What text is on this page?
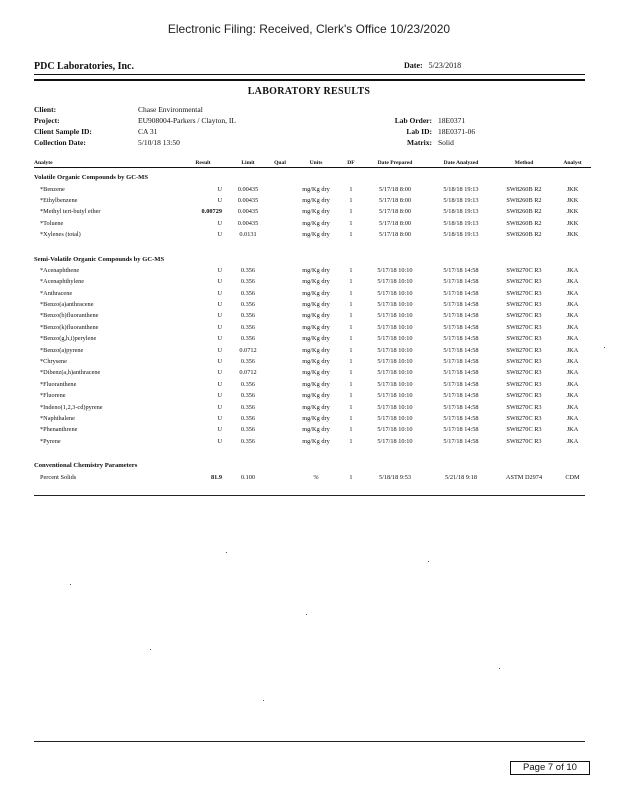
Electronic Filing: Received, Clerk's Office 10/23/2020
PDC Laboratories, Inc.	Date: 5/23/2018
LABORATORY RESULTS
Client:	Chase Environmental
Project:	EU908004-Parkers / Clayton, IL
Client Sample ID:	CA 31
Collection Date:	5/10/18 13:50
Lab Order: 18E0371
Lab ID: 18E0371-06
Matrix: Solid
Analyte	Result	Limit	Qual	Units	DF	Date Prepared	Date Analyzed	Method	Analyst
Volatile Organic Compounds by GC-MS									
*Benzene	U	0.00435		mg/Kg dry	1	5/17/18 8:00	5/18/18 19:13	SW8260B R2	JKK
*Ethylbenzene	U	0.00435		mg/Kg dry	1	5/17/18 8:00	5/18/18 19:13	SW8260B R2	JKK
*Methyl tert-butyl ether	0.00729	0.00435		mg/Kg dry	1	5/17/18 8:00	5/18/18 19:13	SW8260B R2	JKK
*Toluene	U	0.00435		mg/Kg dry	1	5/17/18 8:00	5/18/18 19:13	SW8260B R2	JKK
*Xylenes (total)	U	0.0131		mg/Kg dry	1	5/17/18 8:00	5/18/18 19:13	SW8260B R2	JKK

Semi-Volatile Organic Compounds by GC-MS									
*Acenaphthene	U	0.356		mg/Kg dry	1	5/17/18 10:10	5/17/18 14:58	SW8270C R3	JKA
*Acenaphthylene	U	0.356		mg/Kg dry	1	5/17/18 10:10	5/17/18 14:58	SW8270C R3	JKA
*Anthracene	U	0.356		mg/Kg dry	1	5/17/18 10:10	5/17/18 14:58	SW8270C R3	JKA
*Benzo(a)anthracene	U	0.356		mg/Kg dry	1	5/17/18 10:10	5/17/18 14:58	SW8270C R3	JKA
*Benzo(b)fluoranthene	U	0.356		mg/Kg dry	1	5/17/18 10:10	5/17/18 14:58	SW8270C R3	JKA
*Benzo(k)fluoranthene	U	0.356		mg/Kg dry	1	5/17/18 10:10	5/17/18 14:58	SW8270C R3	JKA
*Benzo(g,h,i)perylene	U	0.356		mg/Kg dry	1	5/17/18 10:10	5/17/18 14:58	SW8270C R3	JKA
*Benzo(a)pyrene	U	0.0712		mg/Kg dry	1	5/17/18 10:10	5/17/18 14:58	SW8270C R3	JKA
*Chrysene	U	0.356		mg/Kg dry	1	5/17/18 10:10	5/17/18 14:58	SW8270C R3	JKA
*Dibenz(a,h)anthracene	U	0.0712		mg/Kg dry	1	5/17/18 10:10	5/17/18 14:58	SW8270C R3	JKA
*Fluoranthene	U	0.356		mg/Kg dry	1	5/17/18 10:10	5/17/18 14:58	SW8270C R3	JKA
*Fluorene	U	0.356		mg/Kg dry	1	5/17/18 10:10	5/17/18 14:58	SW8270C R3	JKA
*Indeno(1,2,3-cd)pyrene	U	0.356		mg/Kg dry	1	5/17/18 10:10	5/17/18 14:58	SW8270C R3	JKA
*Naphthalene	U	0.356		mg/Kg dry	1	5/17/18 10:10	5/17/18 14:58	SW8270C R3	JKA
*Phenanthrene	U	0.356		mg/Kg dry	1	5/17/18 10:10	5/17/18 14:58	SW8270C R3	JKA
*Pyrene	U	0.356		mg/Kg dry	1	5/17/18 10:10	5/17/18 14:58	SW8270C R3	JKA

Conventional Chemistry Parameters									
Percent Solids	81.9	0.100		%	1	5/18/18 9:53	5/21/18 9:18	ASTM D2974	CDM
Page 7 of 10
